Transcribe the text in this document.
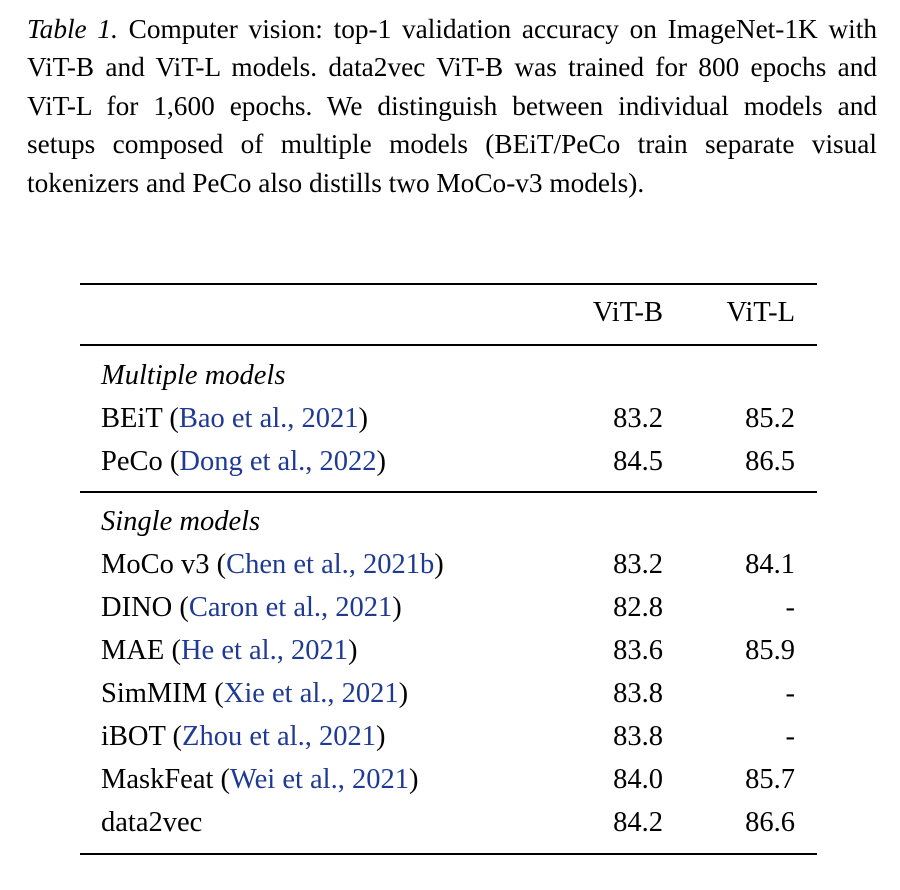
Table 1. Computer vision: top-1 validation accuracy on ImageNet-1K with ViT-B and ViT-L models. data2vec ViT-B was trained for 800 epochs and ViT-L for 1,600 epochs. We distinguish between individual models and setups composed of multiple models (BEiT/PeCo train separate visual tokenizers and PeCo also distills two MoCo-v3 models).
ViT-B ViT-L
Multiple models
BEiT (Bao et al., 2021)	83.2	85.2
PeCo (Dong et al., 2022)	84.5	86.5
Single models
MoCo v3 (Chen et al., 2021b)	83.2	84.1
DINO (Caron et al., 2021)	82.8	-
MAE (He et al., 2021)	83.6	85.9
SimMIM (Xie et al., 2021)	83.8	-
iBOT (Zhou et al., 2021)	83.8	-
MaskFeat (Wei et al., 2021)	84.0	85.7
data2vec	84.2	86.6
